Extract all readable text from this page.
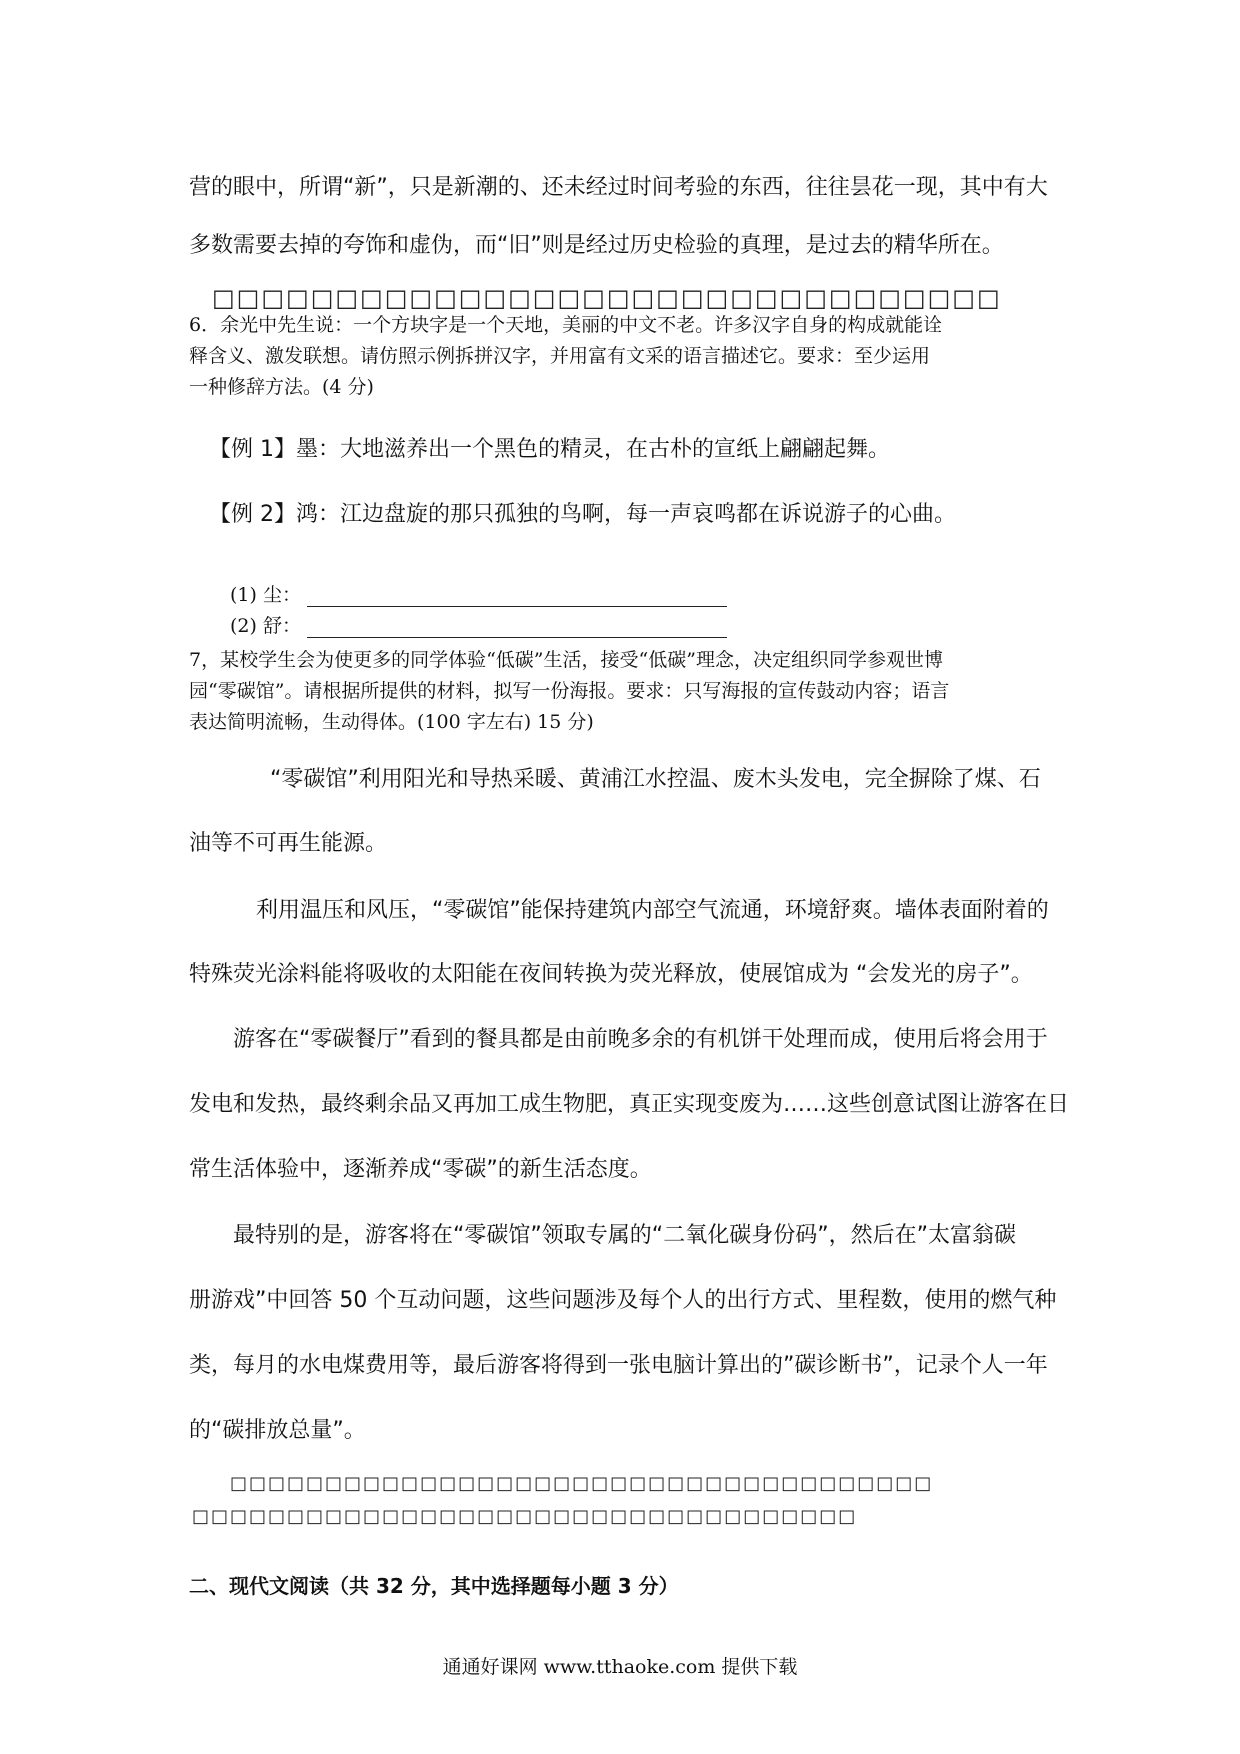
营的眼中，所谓“新”，只是新潮的、还未经过时间考验的东西，往往昙花一现，其中有大
多数需要去掉的夸饰和虚伪，而“旧”则是经过历史检验的真理，是过去的精华所在。
□□□□□□□□□□□□□□□□□□□□□□□□□□□□□□□□
6．余光中先生说：一个方块字是一个天地，美丽的中文不老。许多汉字自身的构成就能诠
释含义、激发联想。请仿照示例拆拼汉字，并用富有文采的语言描述它。要求：至少运用
一种修辞方法。(4 分)
【例 1】墨：大地滋养出一个黑色的精灵，在古朴的宣纸上翩翩起舞。
【例 2】鸿：江边盘旋的那只孤独的鸟啊，每一声哀鸣都在诉说游子的心曲。
(1) 尘：
(2) 舒：
7，某校学生会为使更多的同学体验“低碳”生活，接受“低碳”理念，决定组织同学参观世博
园“零碳馆”。请根据所提供的材料，拟写一份海报。要求：只写海报的宣传鼓动内容；语言
表达简明流畅，生动得体。(100 字左右) 15 分)
“零碳馆”利用阳光和导热采暖、黄浦江水控温、废木头发电，完全摒除了煤、石
油等不可再生能源。
利用温压和风压，“零碳馆”能保持建筑内部空气流通，环境舒爽。墙体表面附着的
特殊荧光涂料能将吸收的太阳能在夜间转换为荧光释放，使展馆成为 “会发光的房子”。
游客在“零碳餐厅”看到的餐具都是由前晚多余的有机饼干处理而成，使用后将会用于
发电和发热，最终剩余品又再加工成生物肥，真正实现变废为……这些创意试图让游客在日
常生活体验中，逐渐养成“零碳”的新生活态度。
最特别的是，游客将在“零碳馆”领取专属的“二氧化碳身份码”，然后在”太富翁碳
册游戏”中回答 50 个互动问题，这些问题涉及每个人的出行方式、里程数，使用的燃气种
类，每月的水电煤费用等，最后游客将得到一张电脑计算出的”碳诊断书”，记录个人一年
的“碳排放总量”。
□□□□□□□□□□□□□□□□□□□□□□□□□□□□□□□□□□□□□
□□□□□□□□□□□□□□□□□□□□□□□□□□□□□□□□□□□
二、现代文阅读（共 32 分，其中选择题每小题 3 分）
通通好课网 www.tthaoke.com 提供下载
